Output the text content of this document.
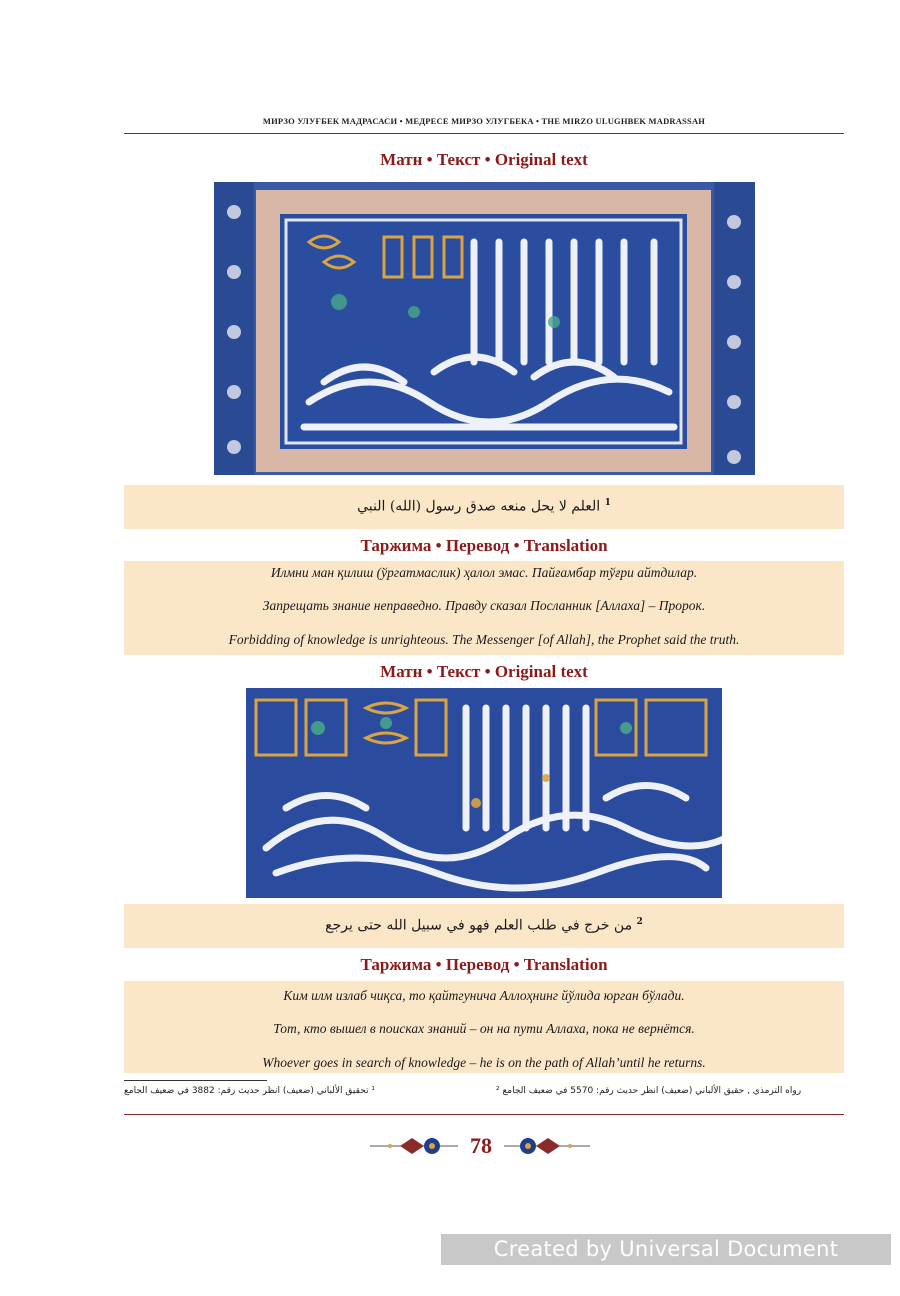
МИРЗО УЛУҒБЕК МАДРАСАСИ • МЕДРЕСЕ МИРЗО УЛУГБЕКА • THE MIRZO ULUGHBEK MADRASSAH
Матн • Текст • Original text
$^1$ العلم لا يحل منعه صدق رسول (الله) النبي
Таржима • Перевод • Translation
Илмни ман қилиш (ўргатмаслик) ҳалол эмас. Пайғамбар тўғри айтдилар.
Запрещать знание неправедно. Правду сказал Посланник [Аллаха] – Пророк.
Forbidding of knowledge is unrighteous. The Messenger [of Allah], the Prophet said the truth.
Матн • Текст • Original text
$^2$ من خرج في طلب العلم فهو في سبيل الله حتى يرجع
Таржима • Перевод • Translation
Ким илм излаб чиқса, то қайтгунича Аллоҳнинг йўлида юрган бўлади.
Тот, кто вышел в поисках знаний – он на пути Аллаха, пока не вернётся.
Whoever goes in search of knowledge – he is on the path of Allah’until he returns.
¹ تحقيق الألباني (ضعيف) انظر حديث رقم: 3882 في ضعيف الجامع	رواه الترمذي , حقيق الألباني (ضعيف) انظر حديث رقم: 5570 في ضعيف الجامع ²
78
Created by Universal Document Converter
